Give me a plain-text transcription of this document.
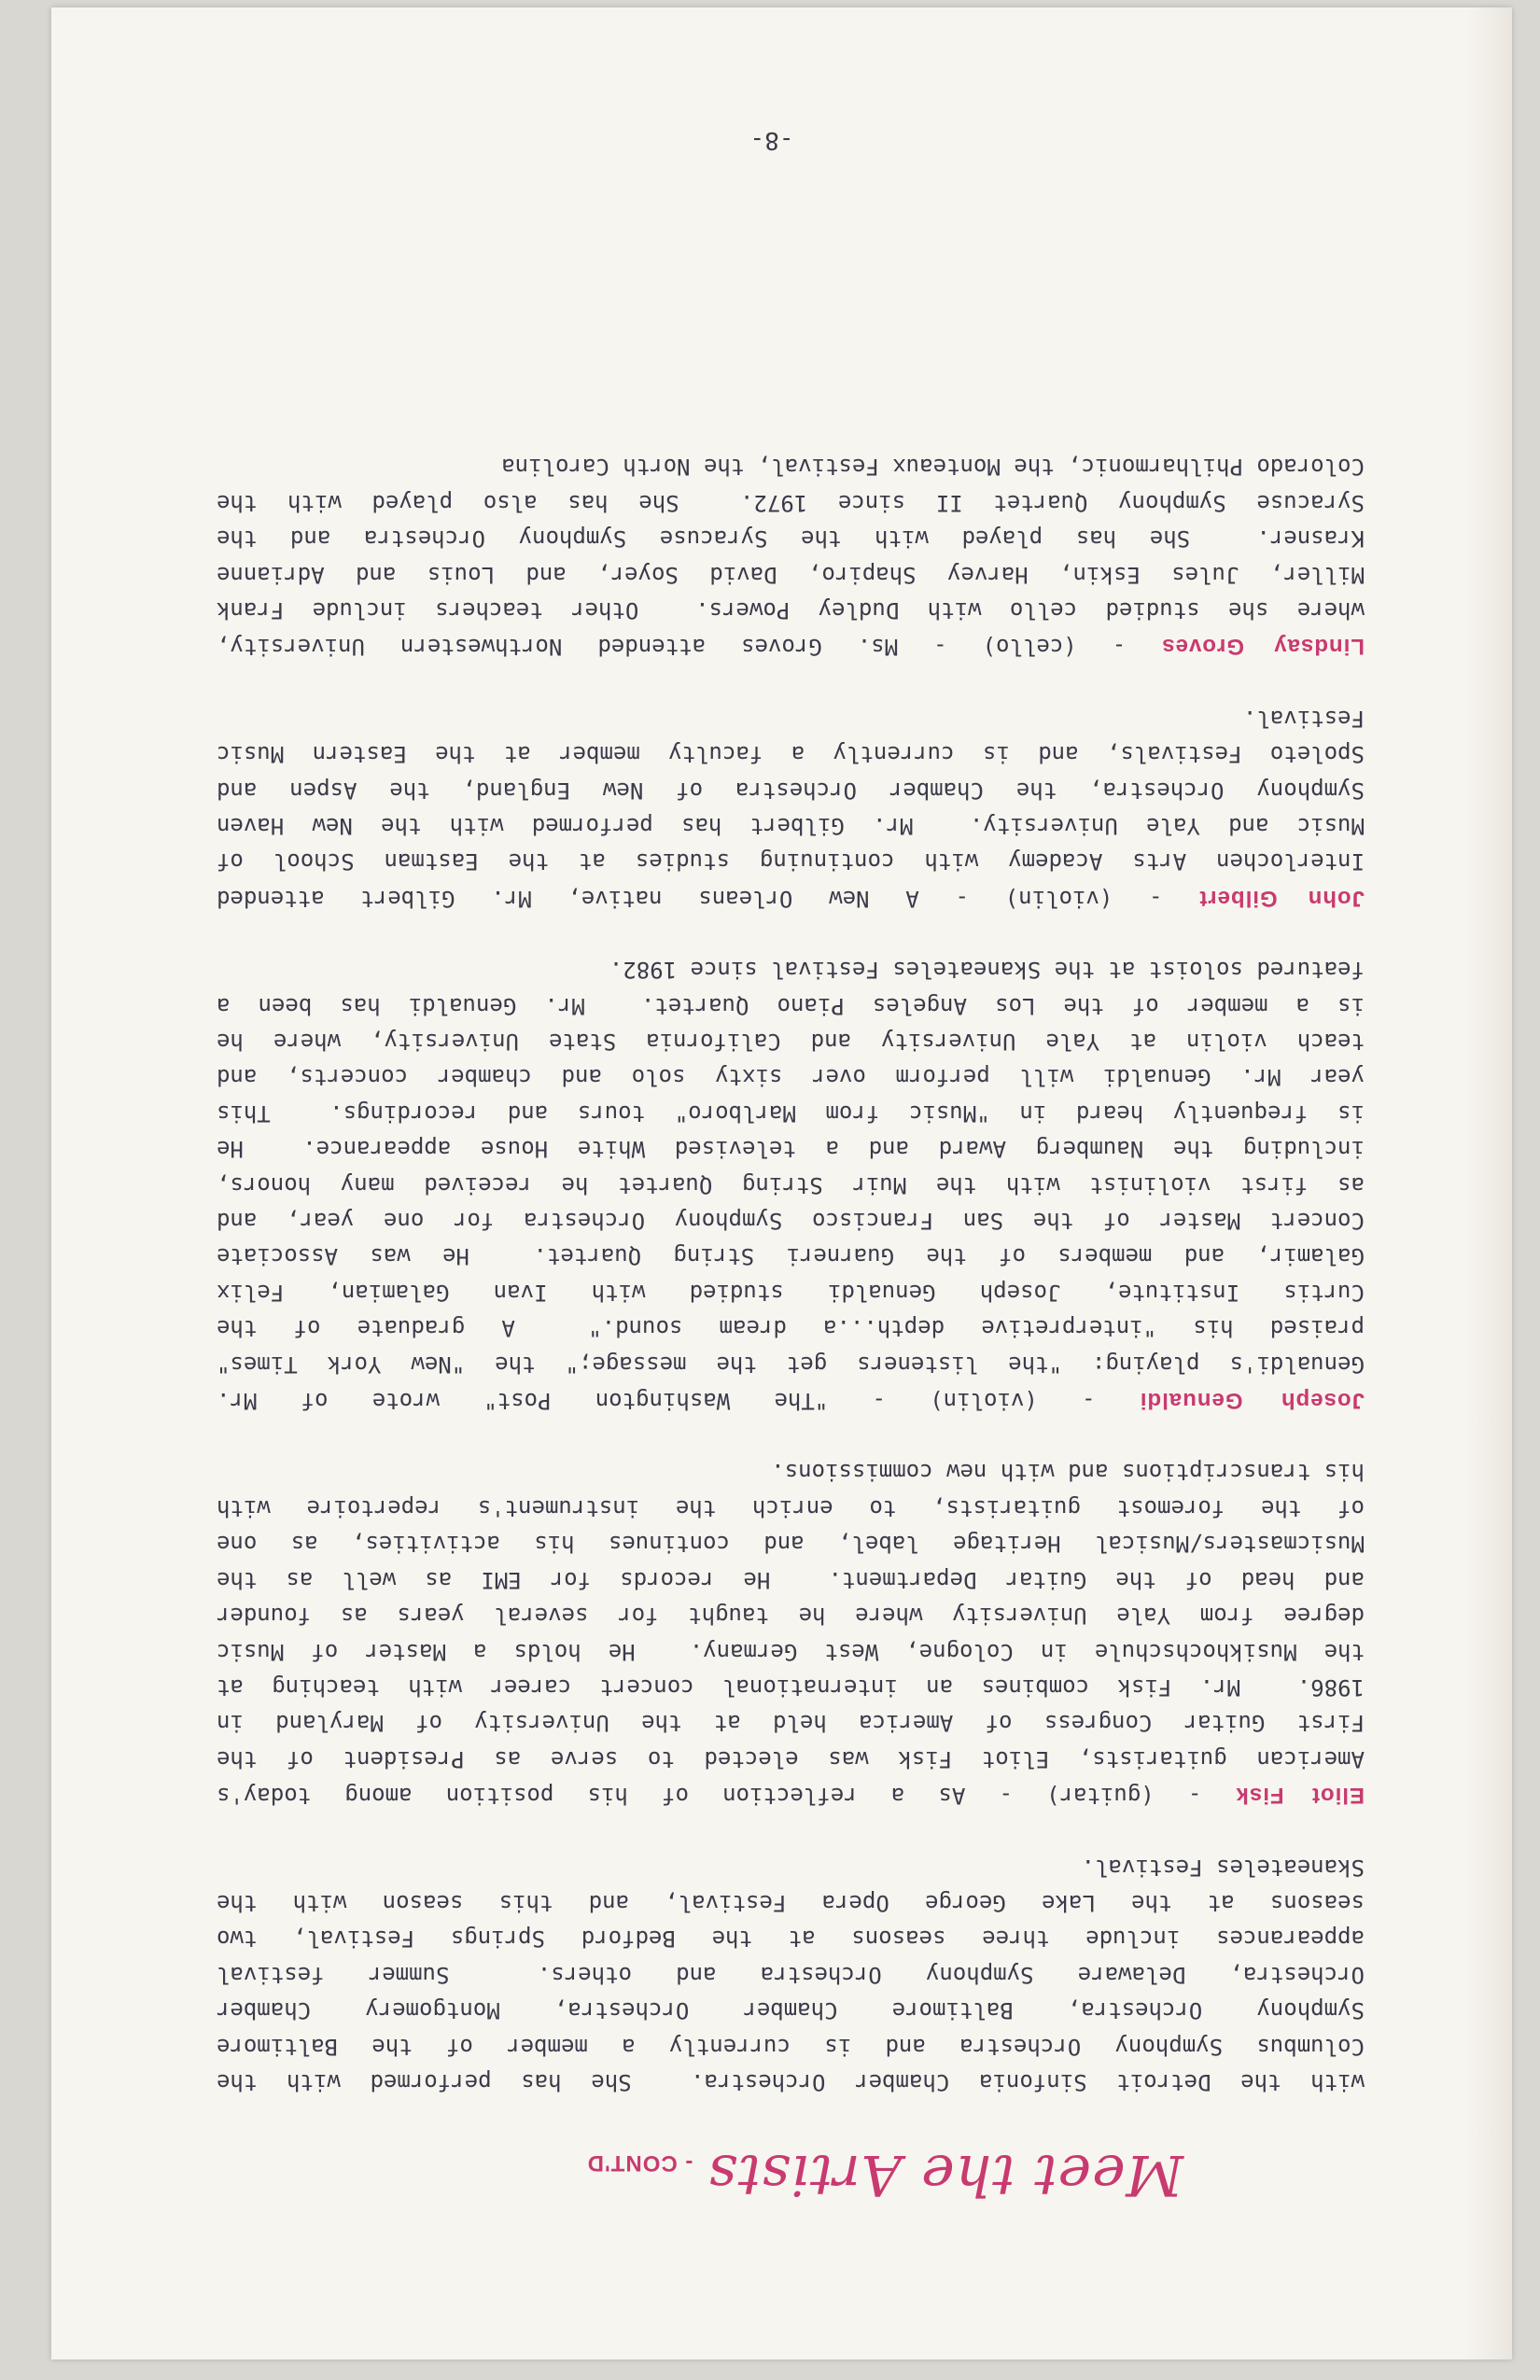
Meet the Artists - CONT'D

with the Detroit Sinfonia Chamber Orchestra.  She has performed with the
Columbus Symphony Orchestra and is currently a member of the Baltimore
Symphony Orchestra, Baltimore Chamber Orchestra, Montgomery Chamber
Orchestra, Delaware Symphony Orchestra and others.  Summer festival
appearances include three seasons at the Bedford Springs Festival, two
seasons at the Lake George Opera Festival, and this season with the
Skaneateles Festival.

Eliot Fisk - (guitar) - As a reflection of his position among today's
American guitarists, Eliot Fisk was elected to serve as President of the
First Guitar Congress of America held at the University of Maryland in
1986.  Mr. Fisk combines an international concert career with teaching at
the Musikhochschule in Cologne, West Germany.  He holds a Master of Music
degree from Yale University where he taught for several years as founder
and head of the Guitar Department.  He records for EMI as well as the
Musicmasters/Musical Heritage label, and continues his activities, as one
of the foremost guitarists, to enrich the instrument's repertoire with
his transcriptions and with new commissions.

Joseph Genualdi - (violin) - "The Washington Post" wrote of Mr.
Genualdi's playing: "the listeners get the message;" the "New York Times"
praised his "interpretive depth...a dream sound."  A graduate of the
Curtis Institute, Joseph Genualdi studied with Ivan Galamian, Felix
Galamir, and members of the Guarneri String Quartet.  He was Associate
Concert Master of the San Francisco Symphony Orchestra for one year, and
as first violinist with the Muir String Quartet he received many honors,
including the Naumberg Award and a televised White House appearance.  He
is frequently heard in "Music from Marlboro" tours and recordings.  This
year Mr. Genualdi will perform over sixty solo and chamber concerts, and
teach violin at Yale University and California State University, where he
is a member of the Los Angeles Piano Quartet.  Mr. Genualdi has been a
featured soloist at the Skaneateles Festival since 1982.

John Gilbert - (violin) - A New Orleans native, Mr. Gilbert attended
Interlochen Arts Academy with continuing studies at the Eastman School of
Music and Yale University.  Mr. Gilbert has performed with the New Haven
Symphony Orchestra, the Chamber Orchestra of New England, the Aspen and
Spoleto Festivals, and is currently a faculty member at the Eastern Music
Festival.

Lindsay Groves - (cello) - Ms. Groves attended Northwestern University,
where she studied cello with Dudley Powers.  Other teachers include Frank
Miller, Jules Eskin, Harvey Shapiro, David Soyer, and Louis and Adrianne
Krasner.  She has played with the Syracuse Symphony Orchestra and the
Syracuse Symphony Quartet II since 1972.  She has also played with the
Colorado Philharmonic, the Monteaux Festival, the North Carolina

-8-
